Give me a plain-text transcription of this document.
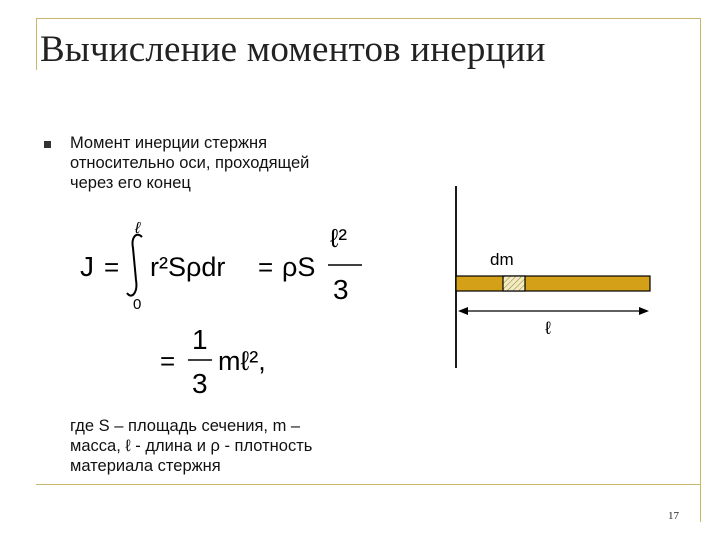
Вычисление моментов инерции
Момент инерции стержня
относительно оси, проходящей
через его конец
J =
ℓ
0
r²Sρdr = ρS
ℓ²
3
=
1
3
mℓ²,
dm
ℓ
где S – площадь сечения, m –
масса, ℓ - длина и ρ - плотность
материала стержня
17
